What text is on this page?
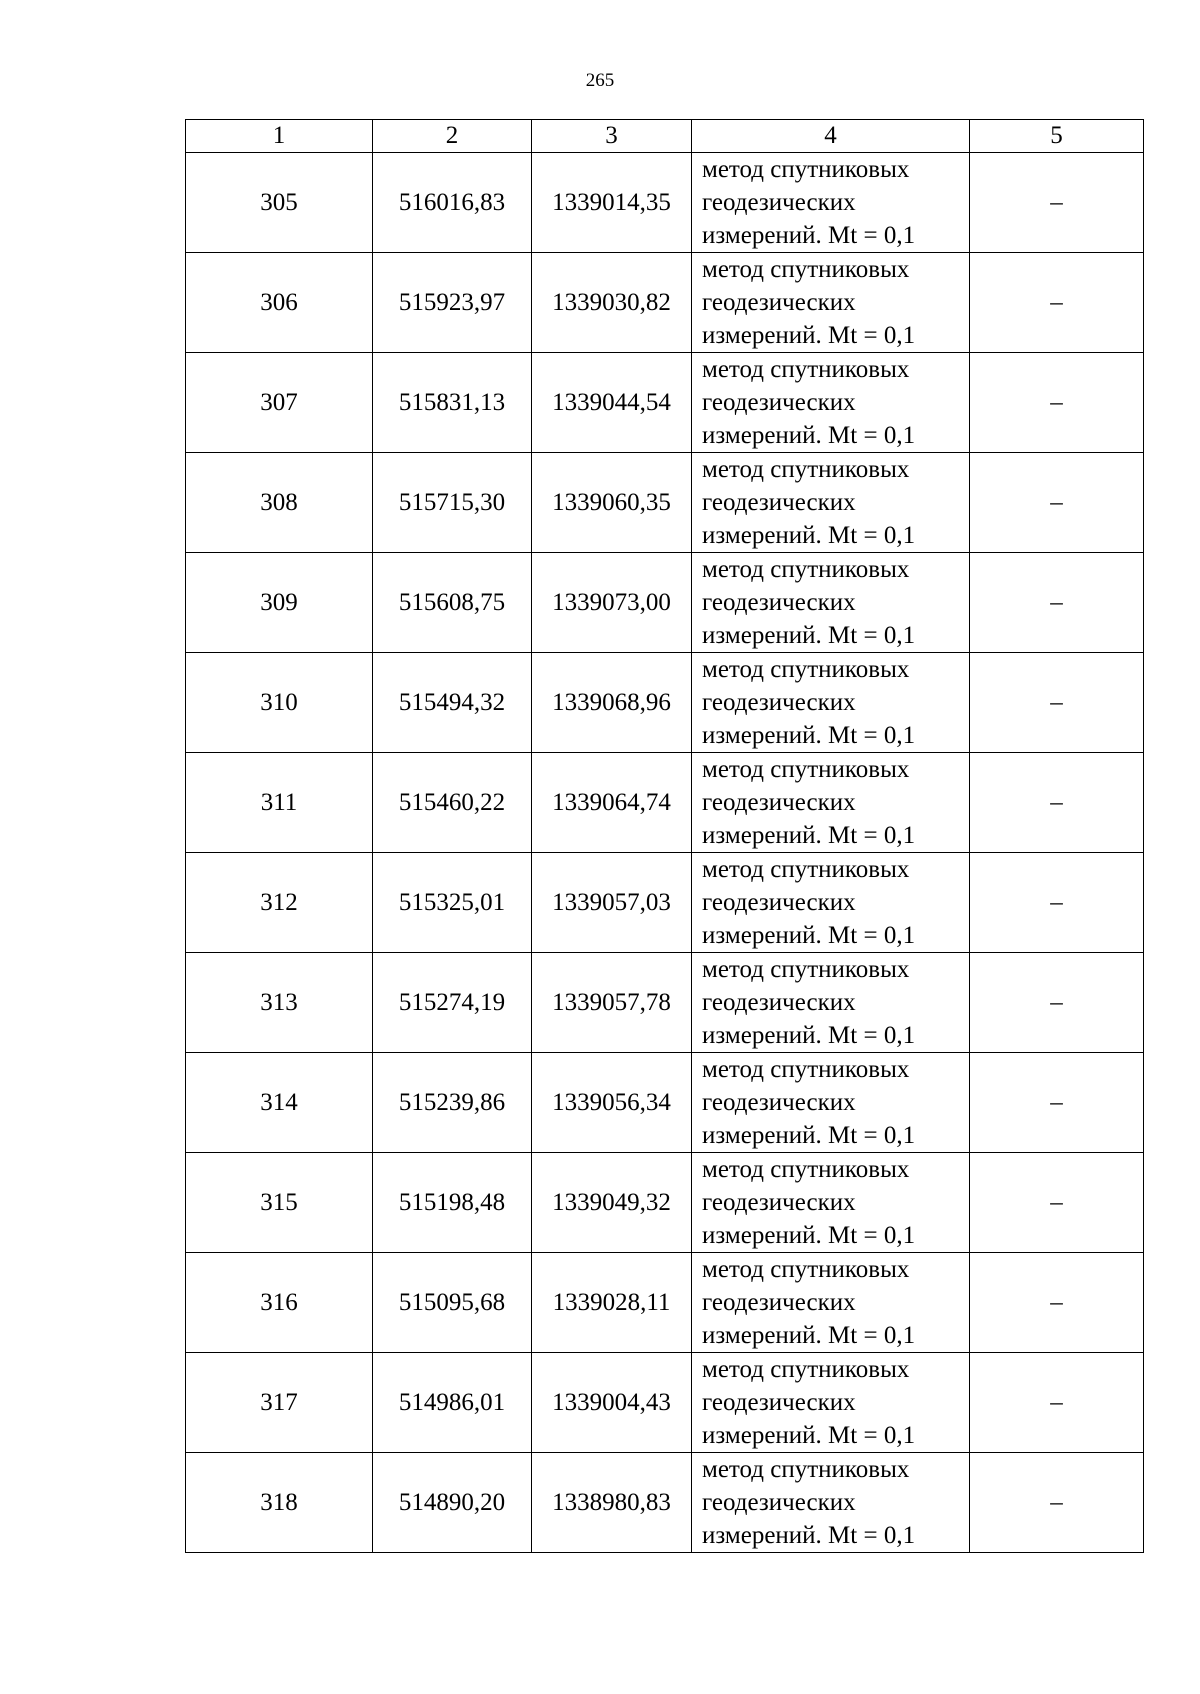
265
1	2	3	4	5
305	516016,83	1339014,35	метод спутниковых
геодезических
измерений. Mt = 0,1	–
306	515923,97	1339030,82	метод спутниковых
геодезических
измерений. Mt = 0,1	–
307	515831,13	1339044,54	метод спутниковых
геодезических
измерений. Mt = 0,1	–
308	515715,30	1339060,35	метод спутниковых
геодезических
измерений. Mt = 0,1	–
309	515608,75	1339073,00	метод спутниковых
геодезических
измерений. Mt = 0,1	–
310	515494,32	1339068,96	метод спутниковых
геодезических
измерений. Mt = 0,1	–
311	515460,22	1339064,74	метод спутниковых
геодезических
измерений. Mt = 0,1	–
312	515325,01	1339057,03	метод спутниковых
геодезических
измерений. Mt = 0,1	–
313	515274,19	1339057,78	метод спутниковых
геодезических
измерений. Mt = 0,1	–
314	515239,86	1339056,34	метод спутниковых
геодезических
измерений. Mt = 0,1	–
315	515198,48	1339049,32	метод спутниковых
геодезических
измерений. Mt = 0,1	–
316	515095,68	1339028,11	метод спутниковых
геодезических
измерений. Mt = 0,1	–
317	514986,01	1339004,43	метод спутниковых
геодезических
измерений. Mt = 0,1	–
318	514890,20	1338980,83	метод спутниковых
геодезических
измерений. Mt = 0,1	–
